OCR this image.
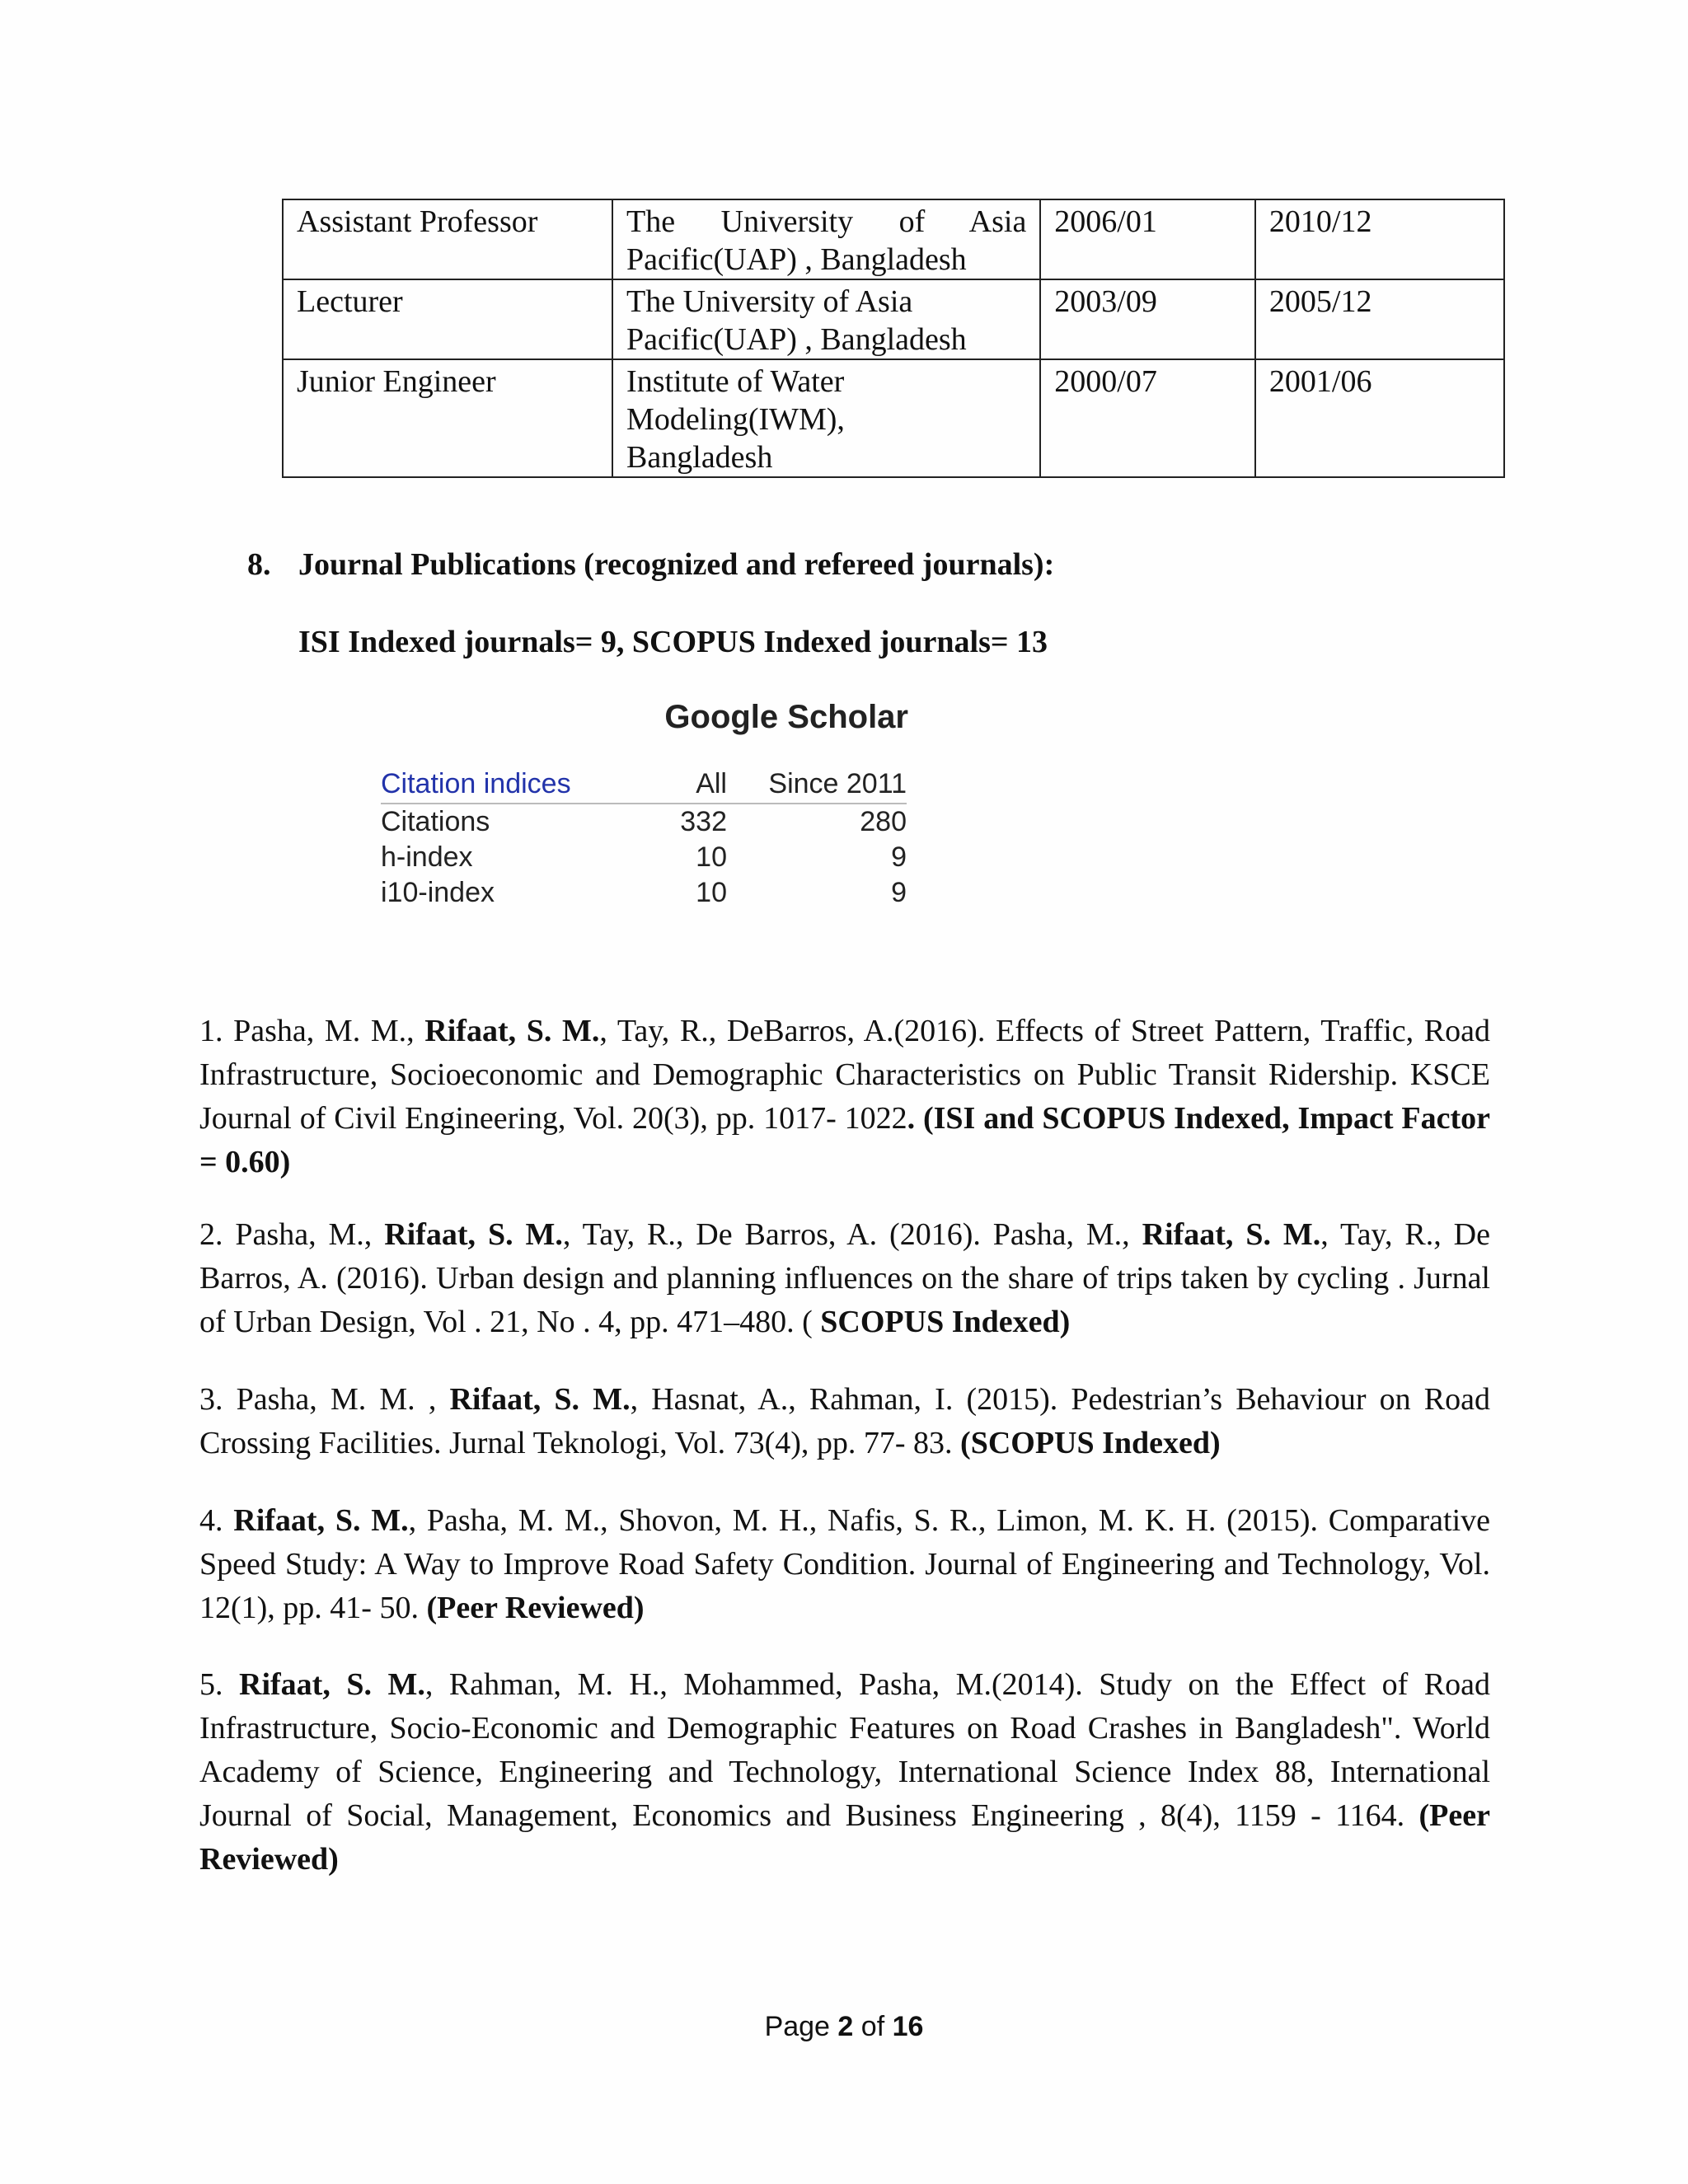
Assistant Professor	The University of Asia
Pacific(UAP) , Bangladesh	2006/01	2010/12
Lecturer	The University of Asia
Pacific(UAP) , Bangladesh	2003/09	2005/12
Junior Engineer	Institute of Water
Modeling(IWM),
Bangladesh	2000/07	2001/06
8. Journal Publications (recognized and refereed journals):
ISI Indexed journals= 9, SCOPUS Indexed journals= 13
Google Scholar
Citation indices	All	Since 2011
Citations	332	280
h-index	10	9
i10-index	10	9
1. Pasha, M. M., Rifaat, S. M., Tay, R., DeBarros, A.(2016). Effects of Street Pattern, Traffic, Road Infrastructure, Socioeconomic and Demographic Characteristics on Public Transit Ridership. KSCE Journal of Civil Engineering, Vol. 20(3), pp. 1017- 1022. (ISI and SCOPUS Indexed, Impact Factor = 0.60)
2. Pasha, M., Rifaat, S. M., Tay, R., De Barros, A. (2016). Pasha, M., Rifaat, S. M., Tay, R., De Barros, A. (2016). Urban design and planning influences on the share of trips taken by cycling . Jurnal of Urban Design, Vol . 21, No . 4, pp. 471–480. ( SCOPUS Indexed)
3. Pasha, M. M. , Rifaat, S. M., Hasnat, A., Rahman, I. (2015). Pedestrian’s Behaviour on Road Crossing Facilities. Jurnal Teknologi, Vol. 73(4), pp. 77- 83. (SCOPUS Indexed)
4. Rifaat, S. M., Pasha, M. M., Shovon, M. H., Nafis, S. R., Limon, M. K. H. (2015). Comparative Speed Study: A Way to Improve Road Safety Condition. Journal of Engineering and Technology, Vol. 12(1), pp. 41- 50. (Peer Reviewed)
5. Rifaat, S. M., Rahman, M. H., Mohammed, Pasha, M.(2014). Study on the Effect of Road Infrastructure, Socio-Economic and Demographic Features on Road Crashes in Bangladesh". World Academy of Science, Engineering and Technology, International Science Index 88, International Journal of Social, Management, Economics and Business Engineering , 8(4), 1159 - 1164. (Peer Reviewed)
Page 2 of 16
